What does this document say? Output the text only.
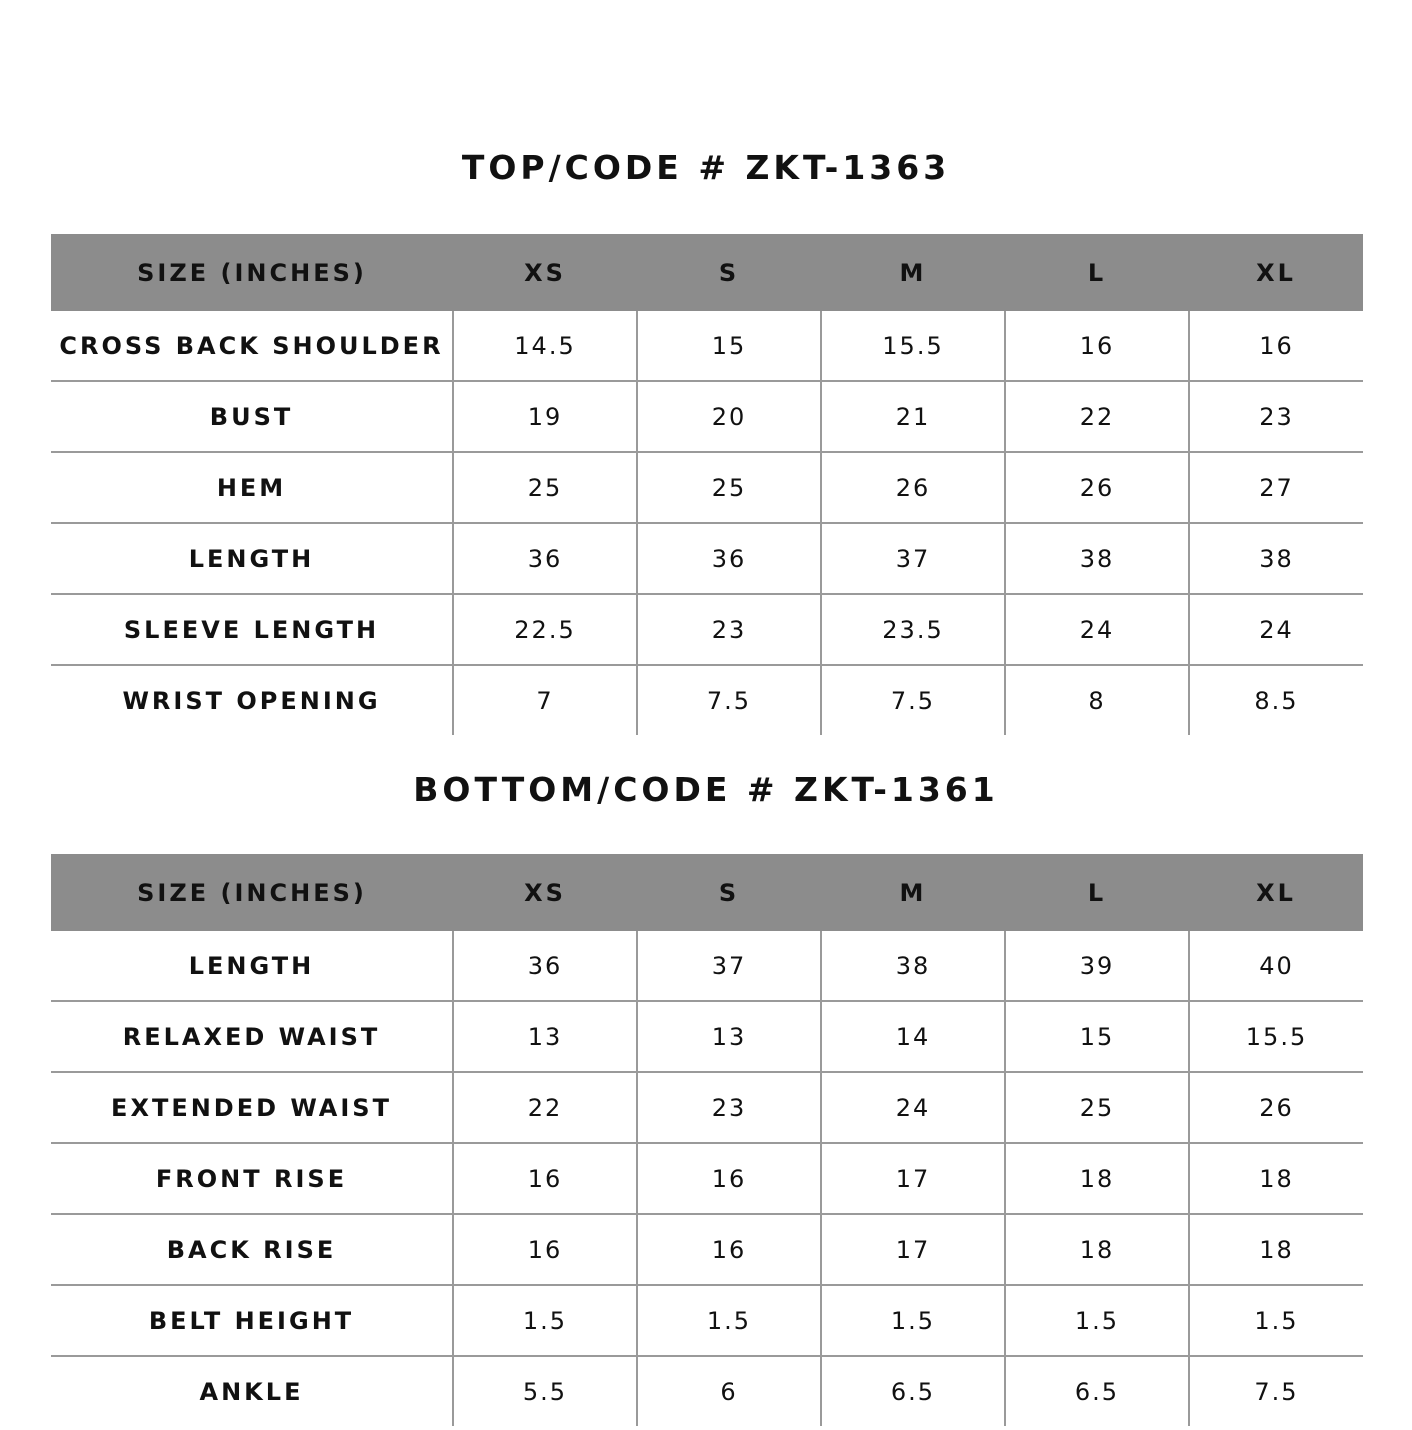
TOP/CODE # ZKT-1363
SIZE (INCHES)	XS	S	M	L	XL
CROSS BACK SHOULDER	14.5	15	15.5	16	16
BUST	19	20	21	22	23
HEM	25	25	26	26	27
LENGTH	36	36	37	38	38
SLEEVE LENGTH	22.5	23	23.5	24	24
WRIST OPENING	7	7.5	7.5	8	8.5
BOTTOM/CODE # ZKT-1361
SIZE (INCHES)	XS	S	M	L	XL
LENGTH	36	37	38	39	40
RELAXED WAIST	13	13	14	15	15.5
EXTENDED WAIST	22	23	24	25	26
FRONT RISE	16	16	17	18	18
BACK RISE	16	16	17	18	18
BELT HEIGHT	1.5	1.5	1.5	1.5	1.5
ANKLE	5.5	6	6.5	6.5	7.5
